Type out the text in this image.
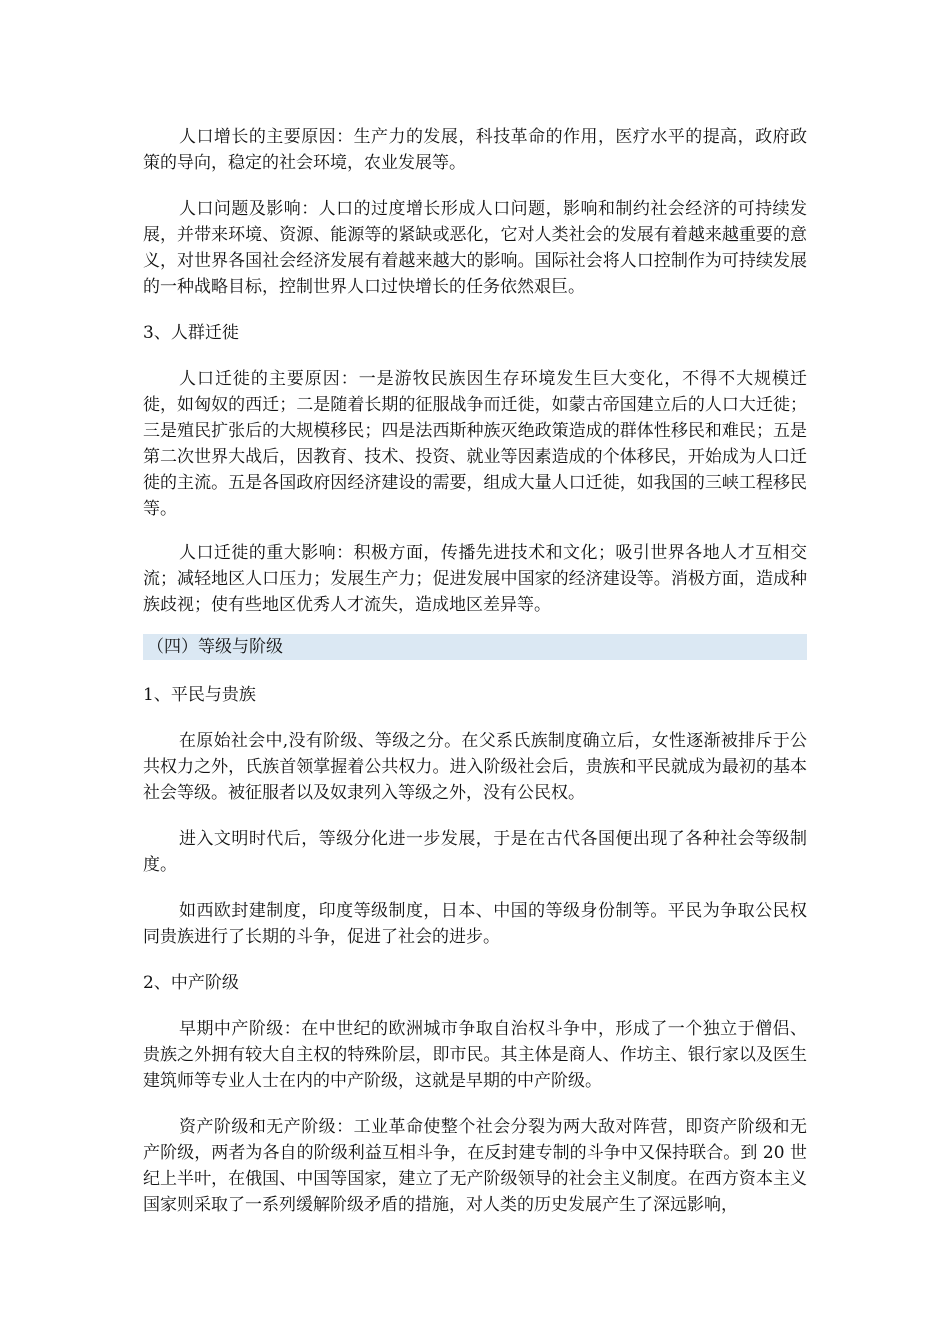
人口增长的主要原因：生产力的发展，科技革命的作用，医疗水平的提高，政府政策的导向，稳定的社会环境，农业发展等。

人口问题及影响：人口的过度增长形成人口问题，影响和制约社会经济的可持续发展，并带来环境、资源、能源等的紧缺或恶化，它对人类社会的发展有着越来越重要的意义，对世界各国社会经济发展有着越来越大的影响。国际社会将人口控制作为可持续发展的一种战略目标，控制世界人口过快增长的任务依然艰巨。

3、人群迁徙

人口迁徙的主要原因：一是游牧民族因生存环境发生巨大变化，不得不大规模迁徙，如匈奴的西迁；二是随着长期的征服战争而迁徙，如蒙古帝国建立后的人口大迁徙；三是殖民扩张后的大规模移民；四是法西斯种族灭绝政策造成的群体性移民和难民；五是第二次世界大战后，因教育、技术、投资、就业等因素造成的个体移民，开始成为人口迁徙的主流。五是各国政府因经济建设的需要，组成大量人口迁徙，如我国的三峡工程移民等。

人口迁徙的重大影响：积极方面，传播先进技术和文化；吸引世界各地人才互相交流；减轻地区人口压力；发展生产力；促进发展中国家的经济建设等。消极方面，造成种族歧视；使有些地区优秀人才流失，造成地区差异等。

（四）等级与阶级

1、平民与贵族

在原始社会中,没有阶级、等级之分。在父系氏族制度确立后，女性逐渐被排斥于公共权力之外，氏族首领掌握着公共权力。进入阶级社会后，贵族和平民就成为最初的基本社会等级。被征服者以及奴隶列入等级之外，没有公民权。

进入文明时代后，等级分化进一步发展，于是在古代各国便出现了各种社会等级制度。

如西欧封建制度，印度等级制度，日本、中国的等级身份制等。平民为争取公民权同贵族进行了长期的斗争，促进了社会的进步。

2、中产阶级

早期中产阶级：在中世纪的欧洲城市争取自治权斗争中，形成了一个独立于僧侣、贵族之外拥有较大自主权的特殊阶层，即市民。其主体是商人、作坊主、银行家以及医生建筑师等专业人士在内的中产阶级，这就是早期的中产阶级。

资产阶级和无产阶级：工业革命使整个社会分裂为两大敌对阵营，即资产阶级和无产阶级，两者为各自的阶级利益互相斗争，在反封建专制的斗争中又保持联合。到 20 世纪上半叶，在俄国、中国等国家，建立了无产阶级领导的社会主义制度。在西方资本主义国家则采取了一系列缓解阶级矛盾的措施，对人类的历史发展产生了深远影响，
